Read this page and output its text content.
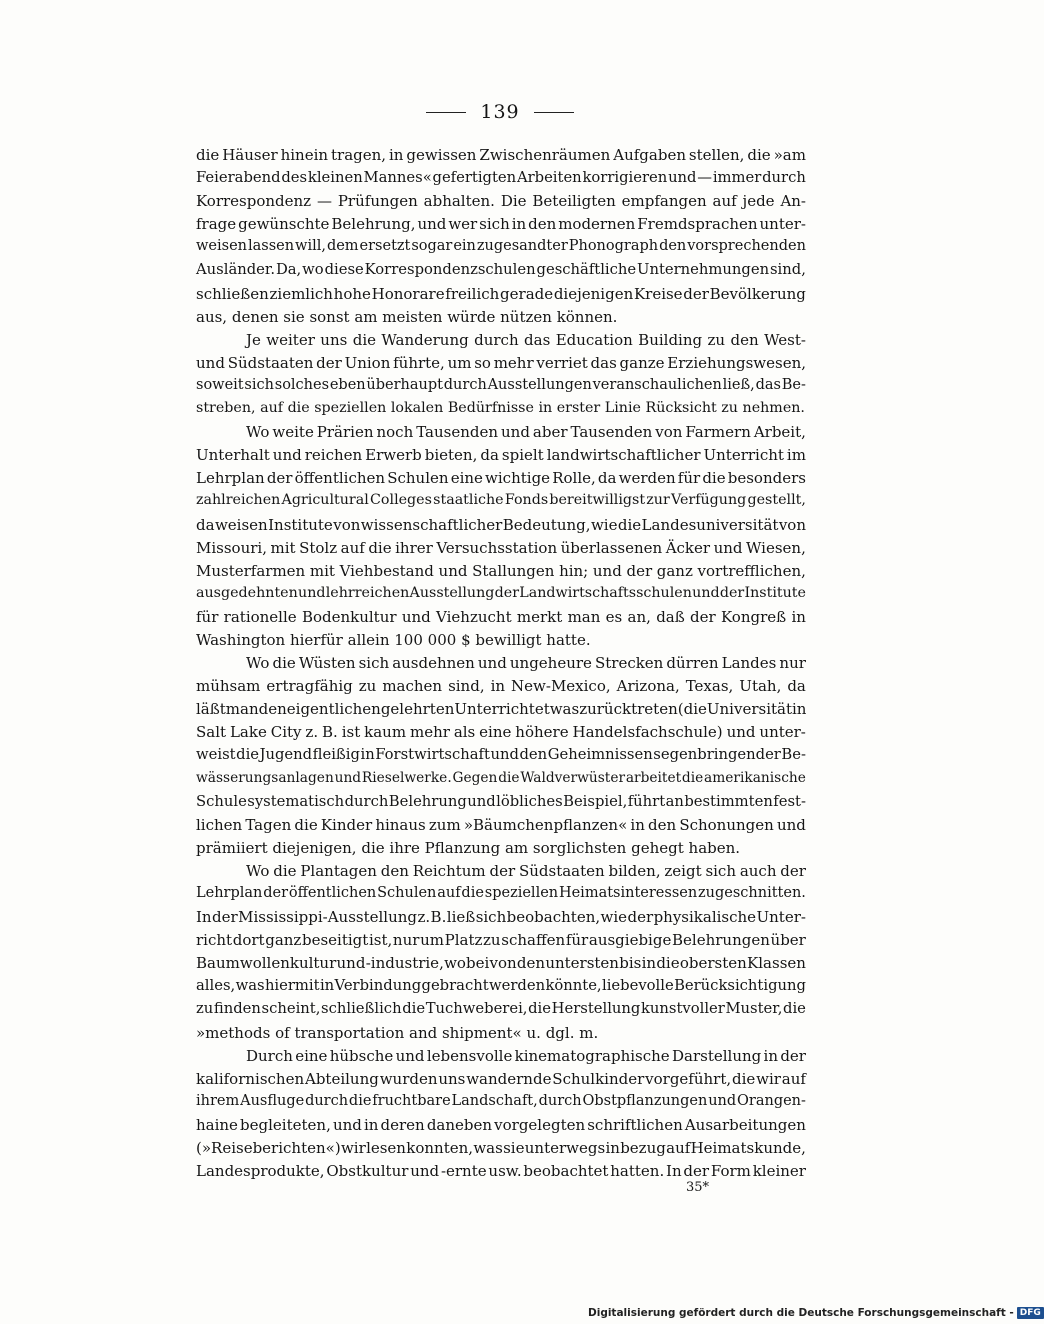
139
die Häuser hinein tragen, in gewissen Zwischenräumen Aufgaben stellen, die »am
Feierabend des kleinen Mannes« gefertigten Arbeiten korrigieren und — immer durch
Korrespondenz — Prüfungen abhalten. Die Beteiligten empfangen auf jede An-
frage gewünschte Belehrung, und wer sich in den modernen Fremdsprachen unter-
weisen lassen will, dem ersetzt sogar ein zugesandter Phonograph den vorsprechenden
Ausländer. Da, wo diese Korrespondenzschulen geschäftliche Unternehmungen sind,
schließen ziemlich hohe Honorare freilich gerade diejenigen Kreise der Bevölkerung
aus, denen sie sonst am meisten würde nützen können.
Je weiter uns die Wanderung durch das Education Building zu den West-
und Südstaaten der Union führte, um so mehr verriet das ganze Erziehungswesen,
soweit sich solches eben überhaupt durch Ausstellungen veranschaulichen ließ, das Be-
streben, auf die speziellen lokalen Bedürfnisse in erster Linie Rücksicht zu nehmen.
Wo weite Prärien noch Tausenden und aber Tausenden von Farmern Arbeit,
Unterhalt und reichen Erwerb bieten, da spielt landwirtschaftlicher Unterricht im
Lehrplan der öffentlichen Schulen eine wichtige Rolle, da werden für die besonders
zahlreichen Agricultural Colleges staatliche Fonds bereitwilligst zur Verfügung gestellt,
da weisen Institute von wissenschaftlicher Bedeutung, wie die Landesuniversität von
Missouri, mit Stolz auf die ihrer Versuchsstation überlassenen Äcker und Wiesen,
Musterfarmen mit Viehbestand und Stallungen hin; und der ganz vortrefflichen,
ausgedehnten und lehrreichen Ausstellung der Landwirtschaftsschulen und der Institute
für rationelle Bodenkultur und Viehzucht merkt man es an, daß der Kongreß in
Washington hierfür allein 100 000 $ bewilligt hatte.
Wo die Wüsten sich ausdehnen und ungeheure Strecken dürren Landes nur
mühsam ertragfähig zu machen sind, in New-Mexico, Arizona, Texas, Utah, da
läßt man den eigentlichen gelehrten Unterricht etwas zurücktreten (die Universität in
Salt Lake City z. B. ist kaum mehr als eine höhere Handelsfachschule) und unter-
weist die Jugend fleißig in Forstwirtschaft und den Geheimnissen segenbringender Be-
wässerungsanlagen und Rieselwerke. Gegen die Waldverwüster arbeitet die amerikanische
Schule systematisch durch Belehrung und löbliches Beispiel, führt an bestimmten fest-
lichen Tagen die Kinder hinaus zum »Bäumchenpflanzen« in den Schonungen und
prämiiert diejenigen, die ihre Pflanzung am sorglichsten gehegt haben.
Wo die Plantagen den Reichtum der Südstaaten bilden, zeigt sich auch der
Lehrplan der öffentlichen Schulen auf die speziellen Heimatsinteressen zugeschnitten.
In der Mississippi-Ausstellung z. B. ließ sich beobachten, wie der physikalische Unter-
richt dort ganz beseitigt ist, nur um Platz zu schaffen für ausgiebige Belehrungen über
Baumwollenkultur und -industrie, wobei von den untersten bis in die obersten Klassen
alles, was hiermit in Verbindung gebracht werden könnte, liebevolle Berücksichtigung
zu finden scheint, schließlich die Tuchweberei, die Herstellung kunstvoller Muster, die
»methods of transportation and shipment« u. dgl. m.
Durch eine hübsche und lebensvolle kinematographische Darstellung in der
kalifornischen Abteilung wurden uns wandernde Schulkinder vorgeführt, die wir auf
ihrem Ausfluge durch die fruchtbare Landschaft, durch Obstpflanzungen und Orangen-
haine begleiteten, und in deren daneben vorgelegten schriftlichen Ausarbeitungen
(»Reiseberichten«) wir lesen konnten, was sie unterwegs in bezug auf Heimatskunde,
Landesprodukte, Obstkultur und -ernte usw. beobachtet hatten. In der Form kleiner
35*
Digitalisierung gefördert durch die Deutsche Forschungsgemeinschaft - DFG
